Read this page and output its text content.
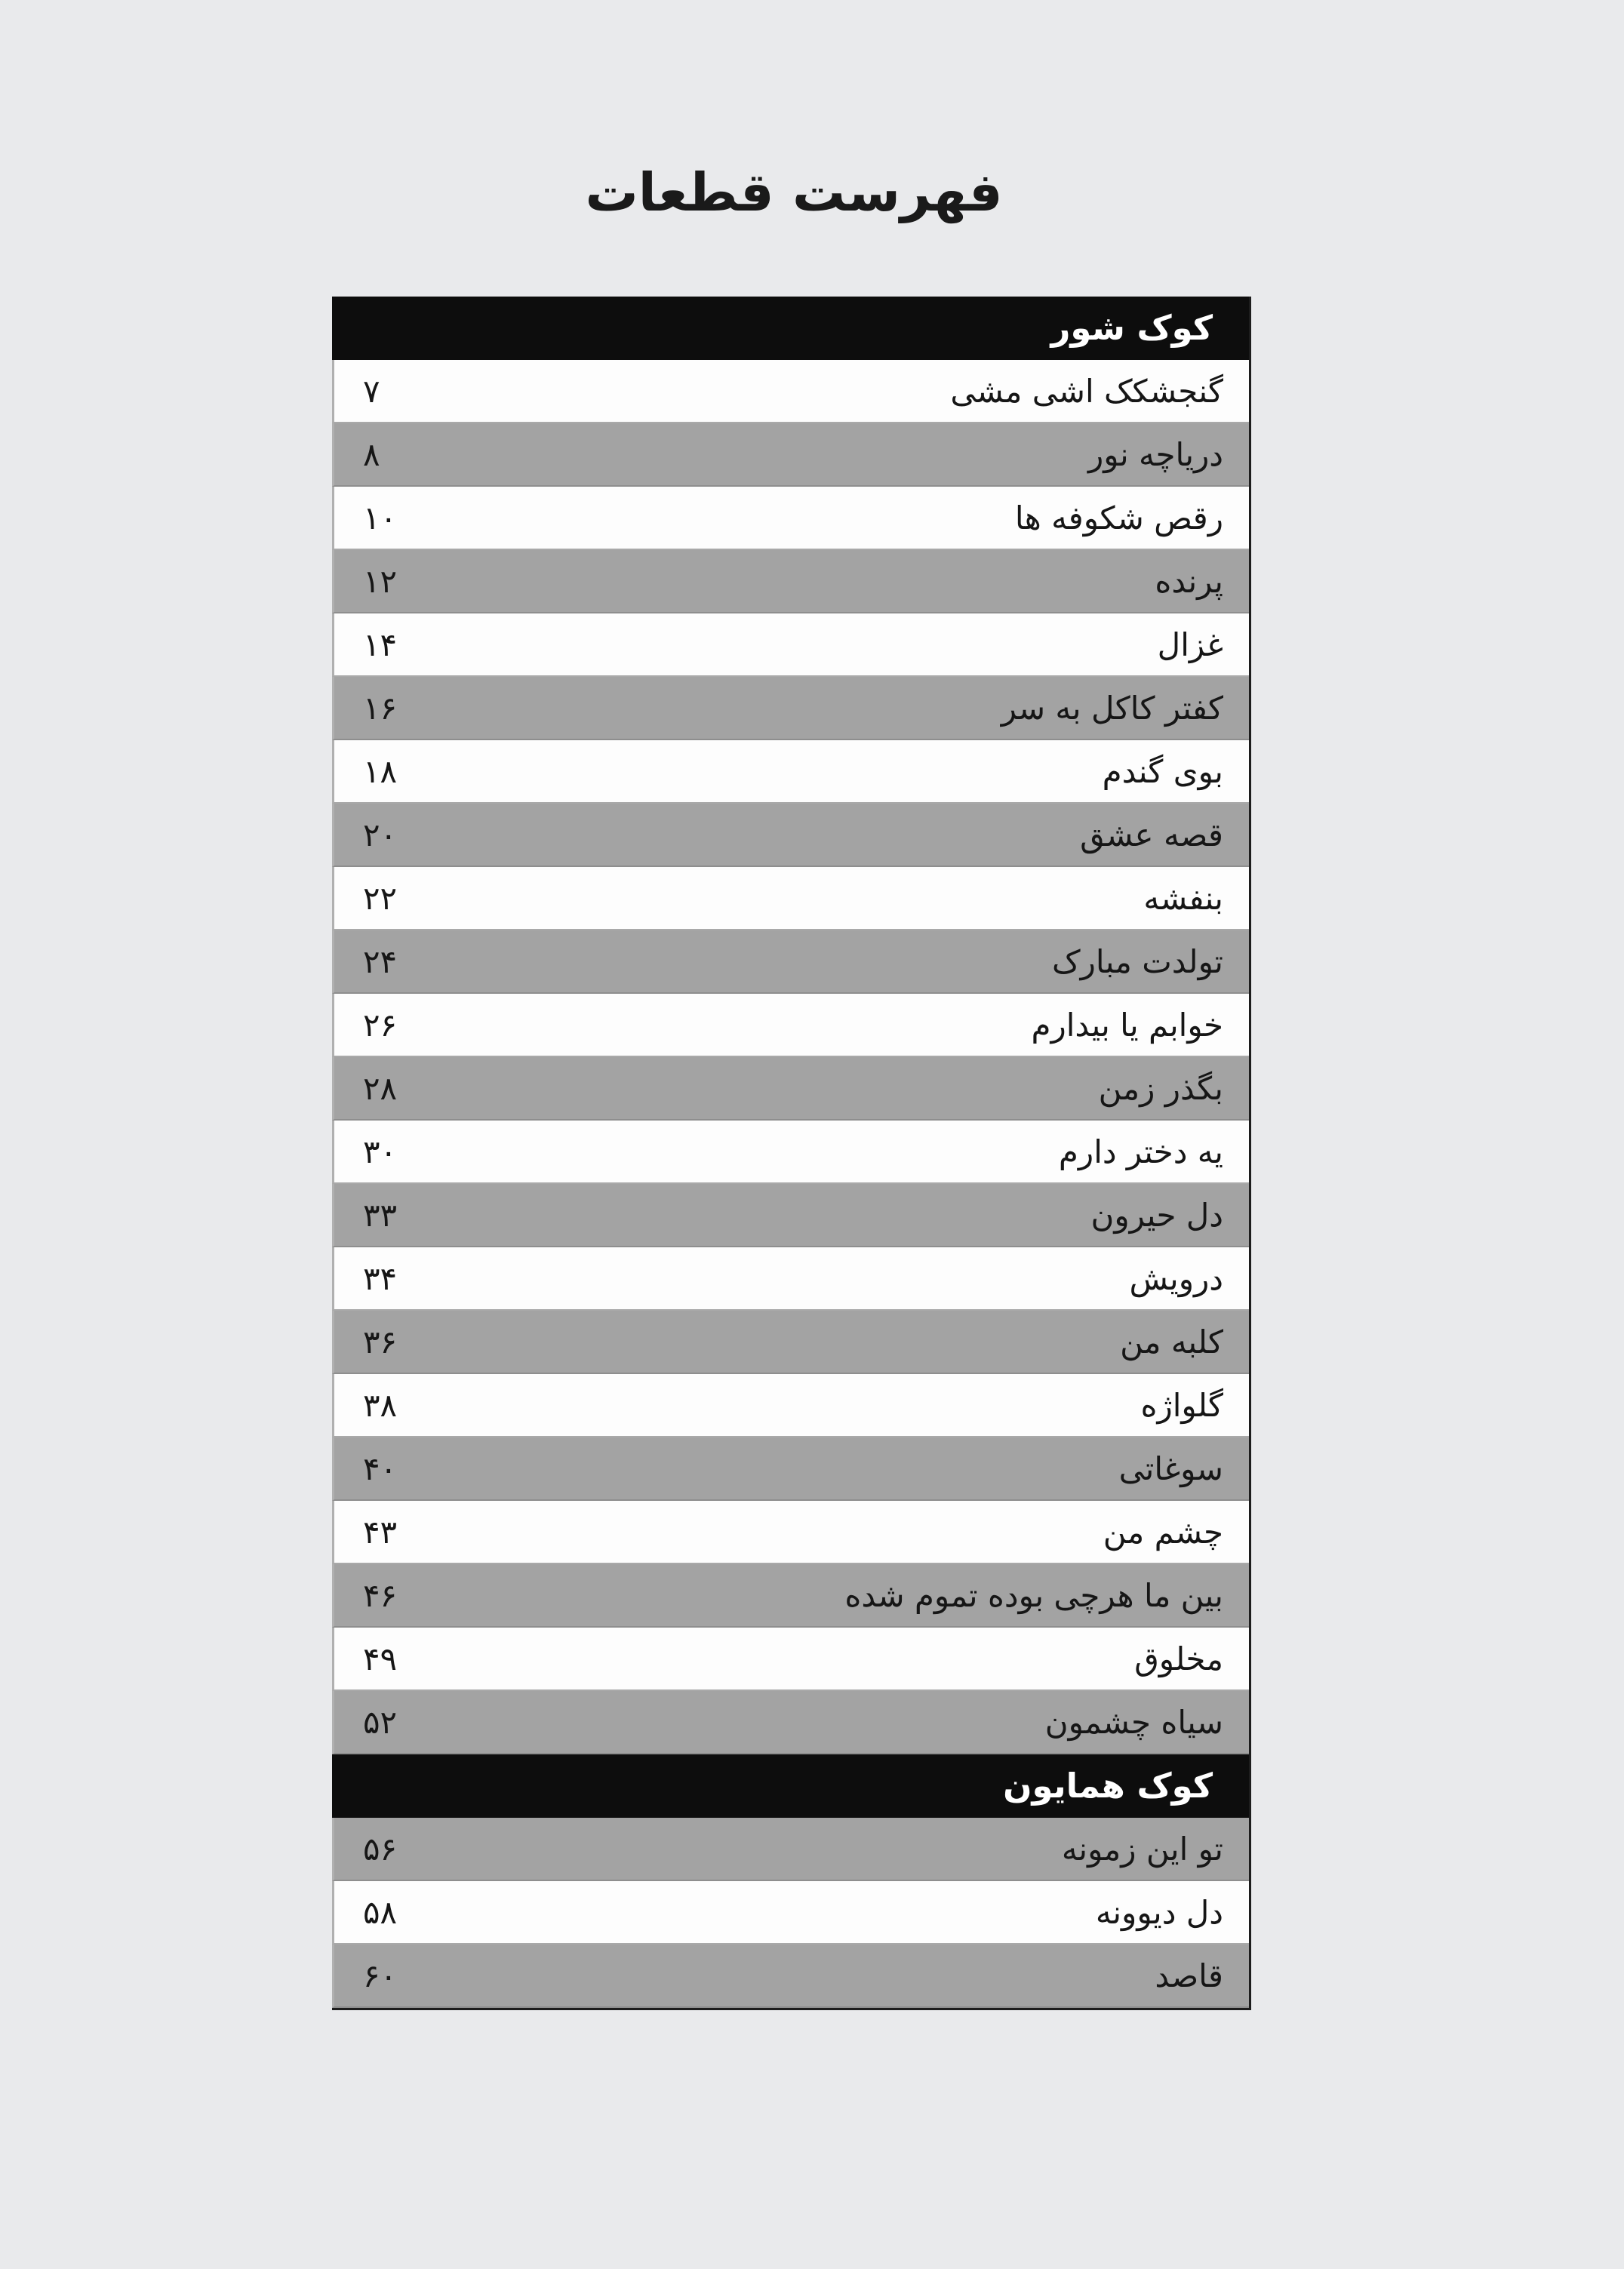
فهرست قطعات
کوک شور
گنجشکک اشی مشی
۷
دریاچه نور
۸
رقص شکوفه ها
۱۰
پرنده
۱۲
غزال
۱۴
کفتر کاکل به سر
۱۶
بوی گندم
۱۸
قصه عشق
۲۰
بنفشه
۲۲
تولدت مبارک
۲۴
خوابم یا بیدارم
۲۶
بگذر زمن
۲۸
یه دختر دارم
۳۰
دل حیرون
۳۳
درویش
۳۴
کلبه من
۳۶
گلواژه
۳۸
سوغاتی
۴۰
چشم من
۴۳
بین ما هرچی بوده تموم شده
۴۶
مخلوق
۴۹
سیاه چشمون
۵۲
کوک همایون
تو این زمونه
۵۶
دل دیوونه
۵۸
قاصد
۶۰
